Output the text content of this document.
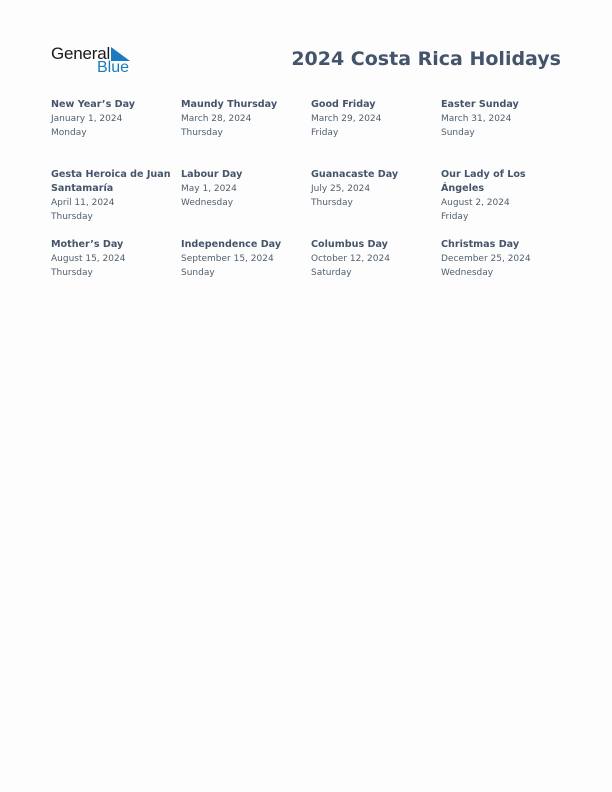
General
Blue	2024 Costa Rica Holidays
New Year’s Day
January 1, 2024
Monday
Maundy Thursday
March 28, 2024
Thursday
Good Friday
March 29, 2024
Friday
Easter Sunday
March 31, 2024
Sunday
Gesta Heroica de Juan Santamaría
April 11, 2024
Thursday
Labour Day
May 1, 2024
Wednesday
Guanacaste Day
July 25, 2024
Thursday
Our Lady of Los Ángeles
August 2, 2024
Friday
Mother’s Day
August 15, 2024
Thursday
Independence Day
September 15, 2024
Sunday
Columbus Day
October 12, 2024
Saturday
Christmas Day
December 25, 2024
Wednesday
